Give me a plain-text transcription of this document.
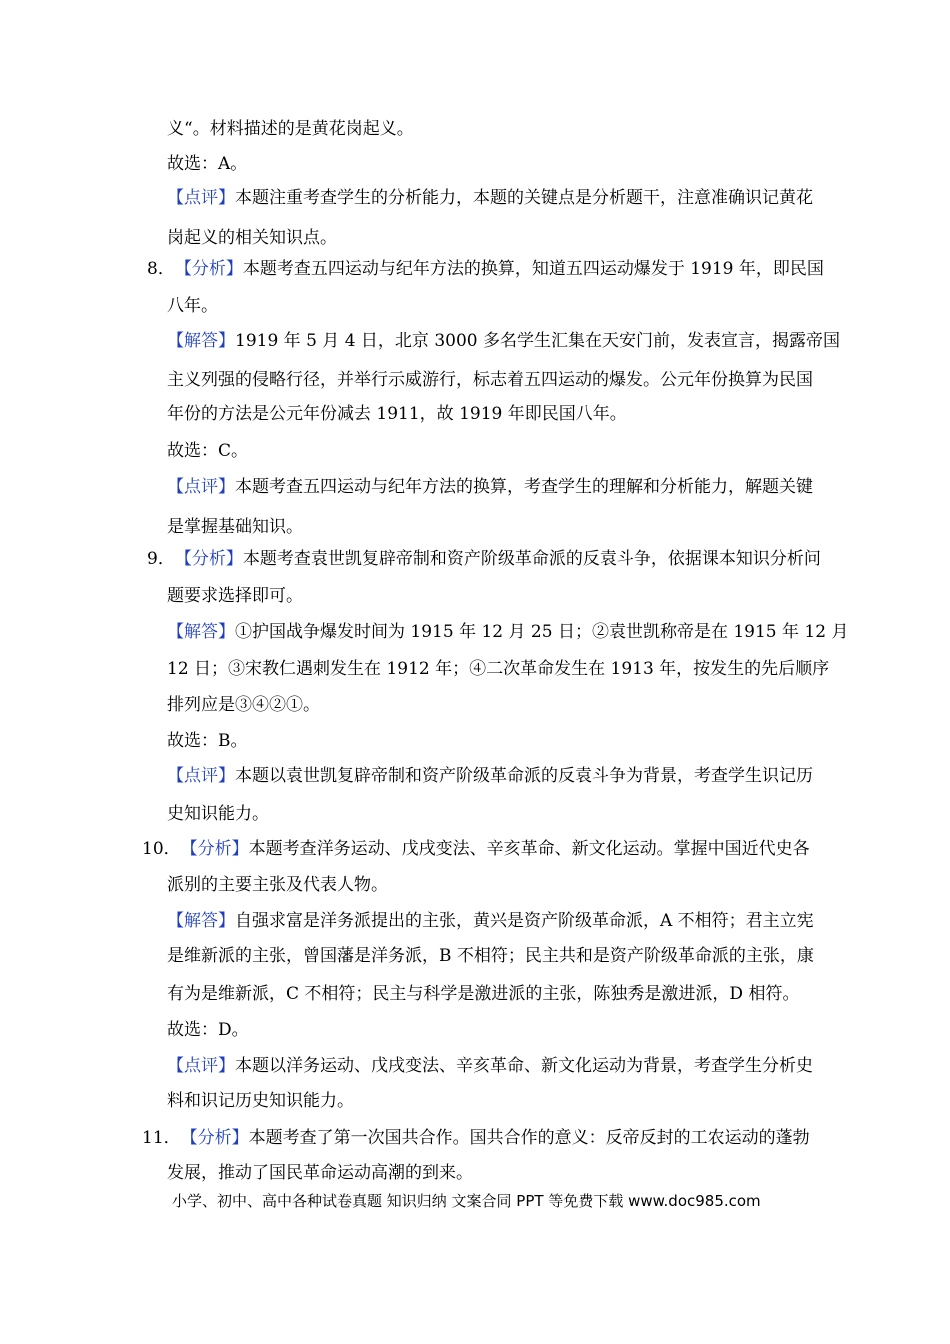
义“。材料描述的是黄花岗起义。
故选：A。
【点评】本题注重考查学生的分析能力，本题的关键点是分析题干，注意准确识记黄花
岗起义的相关知识点。
8．【分析】本题考查五四运动与纪年方法的换算，知道五四运动爆发于 1919 年，即民国
八年。
【解答】1919 年 5 月 4 日，北京 3000 多名学生汇集在天安门前，发表宣言，揭露帝国
主义列强的侵略行径，并举行示威游行，标志着五四运动的爆发。公元年份换算为民国
年份的方法是公元年份减去 1911，故 1919 年即民国八年。
故选：C。
【点评】本题考查五四运动与纪年方法的换算，考查学生的理解和分析能力，解题关键
是掌握基础知识。
9．【分析】本题考查袁世凯复辟帝制和资产阶级革命派的反袁斗争，依据课本知识分析问
题要求选择即可。
【解答】①护国战争爆发时间为 1915 年 12 月 25 日；②袁世凯称帝是在 1915 年 12 月
12 日；③宋教仁遇刺发生在 1912 年；④二次革命发生在 1913 年，按发生的先后顺序
排列应是③④②①。
故选：B。
【点评】本题以袁世凯复辟帝制和资产阶级革命派的反袁斗争为背景，考查学生识记历
史知识能力。
10．【分析】本题考查洋务运动、戊戌变法、辛亥革命、新文化运动。掌握中国近代史各
派别的主要主张及代表人物。
【解答】自强求富是洋务派提出的主张，黄兴是资产阶级革命派，A 不相符；君主立宪
是维新派的主张，曾国藩是洋务派，B 不相符；民主共和是资产阶级革命派的主张，康
有为是维新派，C 不相符；民主与科学是激进派的主张，陈独秀是激进派，D 相符。
故选：D。
【点评】本题以洋务运动、戊戌变法、辛亥革命、新文化运动为背景，考查学生分析史
料和识记历史知识能力。
11．【分析】本题考查了第一次国共合作。国共合作的意义：反帝反封的工农运动的蓬勃
发展，推动了国民革命运动高潮的到来。
小学、初中、高中各种试卷真题 知识归纳 文案合同 PPT 等免费下载 www.doc985.com
